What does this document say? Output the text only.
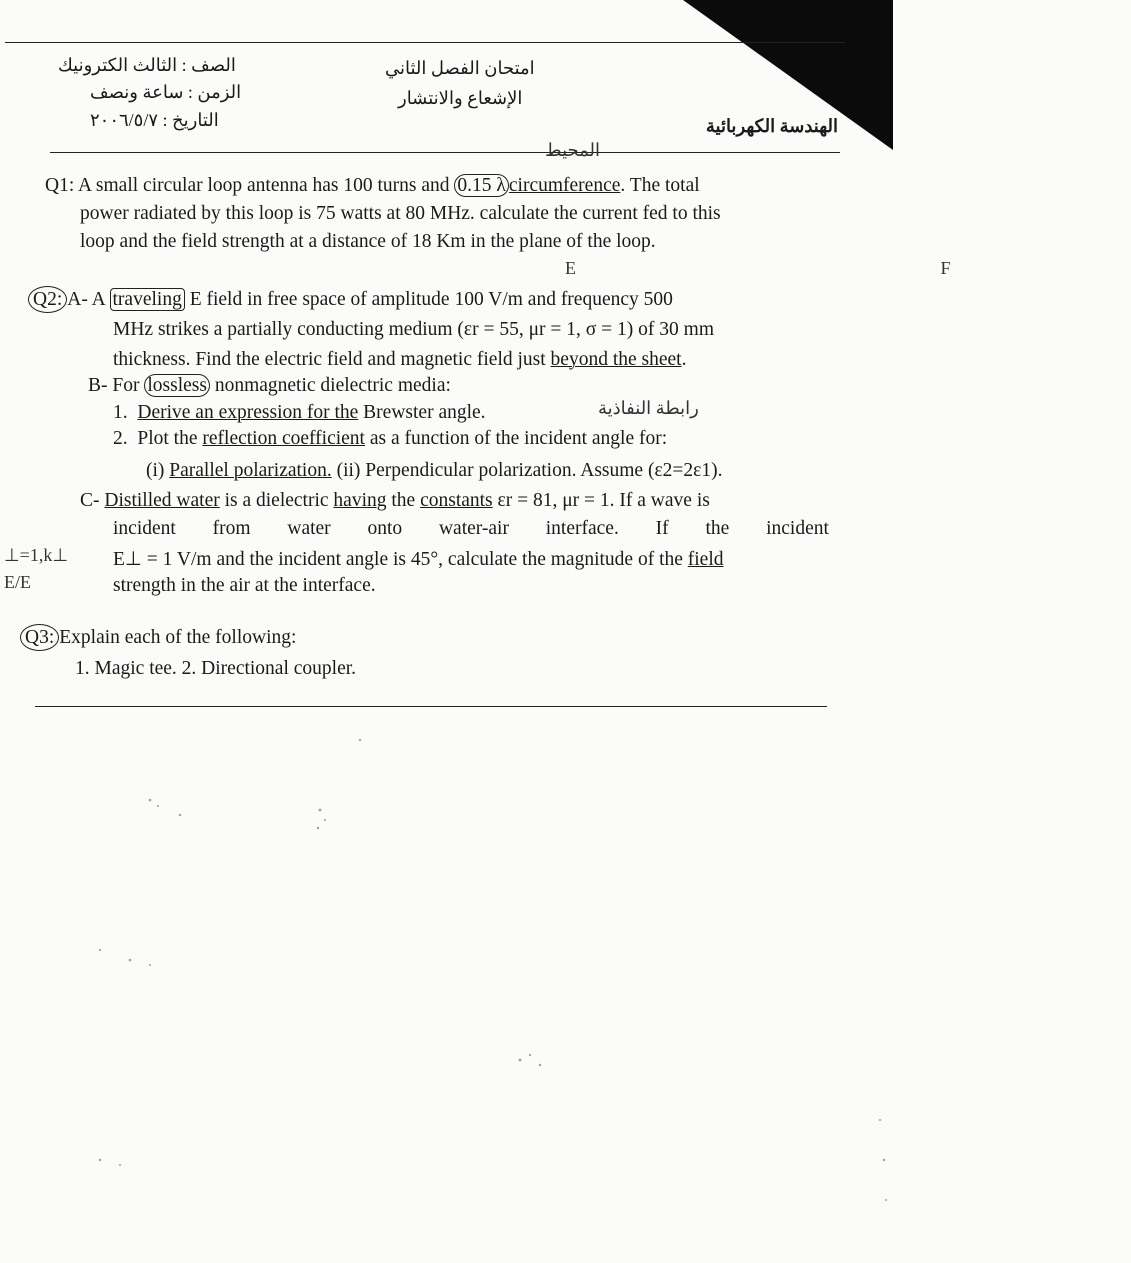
الهندسة الكهربائية
امتحان الفصل الثاني
الإشعاع والانتشار
الصف : الثالث الكترونيك
الزمن : ساعة ونصف
التاريخ : ٢٠٠٦/٥/٧
المحيط
Q1: A small circular loop antenna has 100 turns and 0.15 λ circumference. The total
power radiated by this loop is 75 watts at 80 MHz. calculate the current fed to this
loop and the field strength at a distance of 18 Km in the plane of the loop.
E F
Q2: A- A traveling E field in free space of amplitude 100 V/m and frequency 500
MHz strikes a partially conducting medium (εr = 55, μr = 1, σ = 1) of 30 mm
thickness. Find the electric field and magnetic field just beyond the sheet.
B- For lossless nonmagnetic dielectric media:
1. Derive an expression for the Brewster angle.	رابطة النفاذية
2. Plot the reflection coefficient as a function of the incident angle for:
(i) Parallel polarization. (ii) Perpendicular polarization. Assume (ε2=2ε1).
C- Distilled water is a dielectric having the constants εr = 81, μr = 1. If a wave is
incident from water onto water-air interface. If the incident
⊥=1,k⊥ E⊥ = 1 V/m and the incident angle is 45°, calculate the magnitude of the field
E/E	strength in the air at the interface.
Q3: Explain each of the following:
1. Magic tee. 2. Directional coupler.
